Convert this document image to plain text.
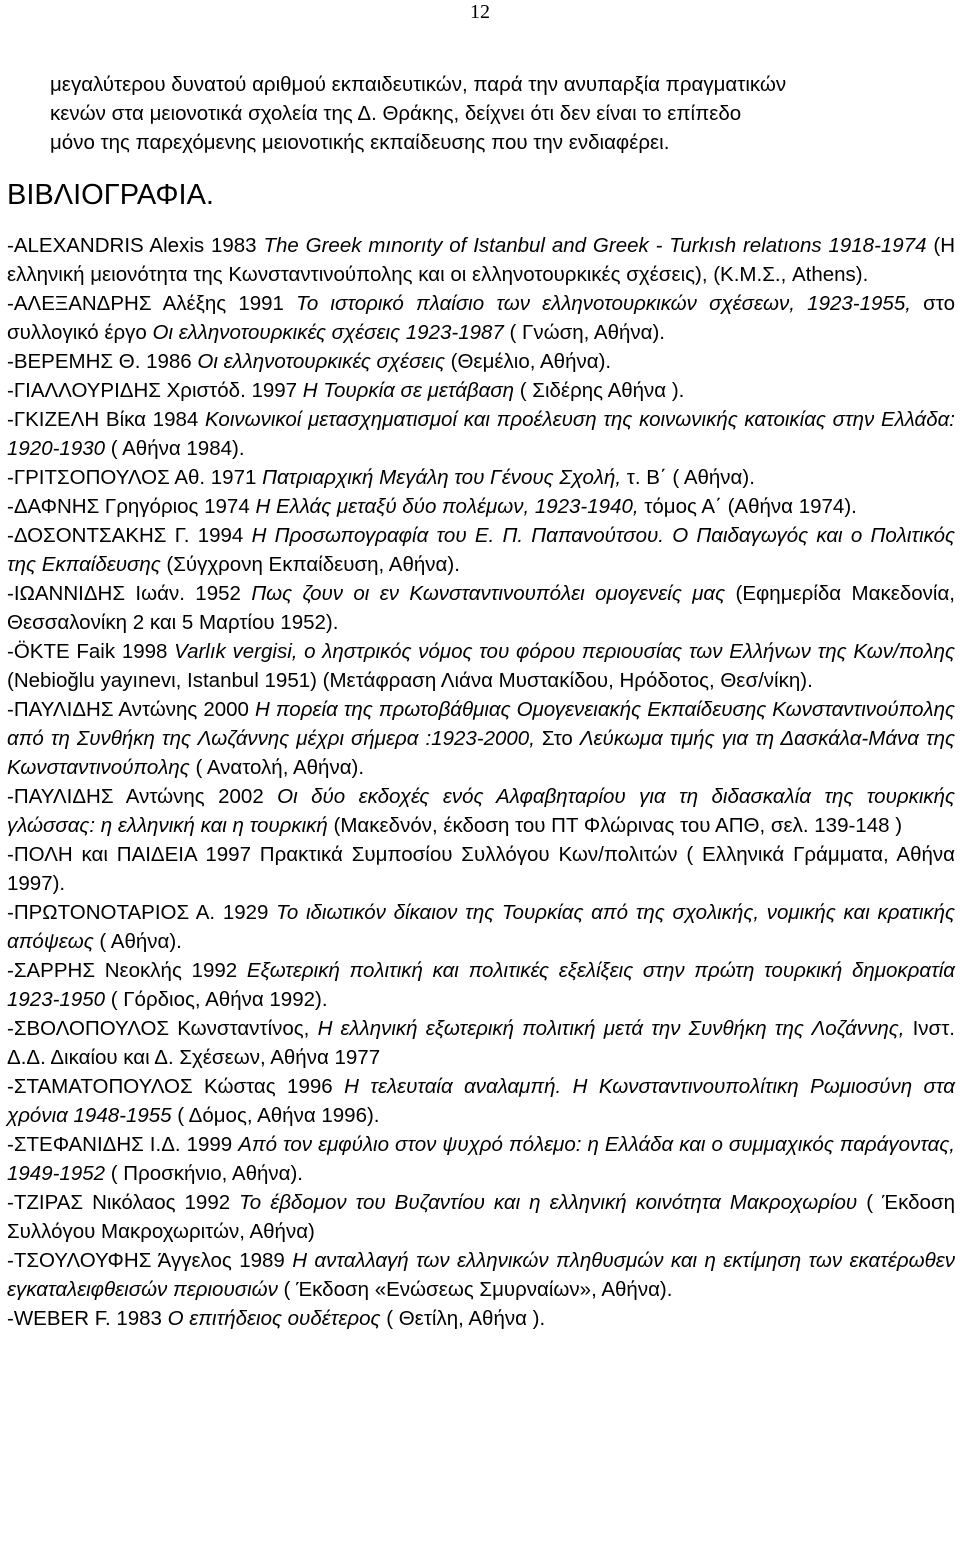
12

μεγαλύτερου δυνατού αριθμού εκπαιδευτικών, παρά την ανυπαρξία πραγματικών

κενών στα μειονοτικά σχολεία της Δ. Θράκης, δείχνει ότι δεν είναι το επίπεδο

μόνο της παρεχόμενης μειονοτικής εκπαίδευσης που την ενδιαφέρει.

ΒΙΒΛΙΟΓΡΑΦΙΑ.

-ALEXANDRIS Alexis 1983 The Greek mınorıty of Istanbul and Greek - Turkısh relatıons 1918-1974 (Η ελληνική μειονότητα της Κωνσταντινούπολης και οι ελληνοτουρκικές σχέσεις), (Κ.Μ.Σ., Athens).

-ΑΛΕΞΑΝΔΡΗΣ Αλέξης 1991 Το ιστορικό πλαίσιο των ελληνοτουρκικών σχέσεων, 1923-1955, στο συλλογικό έργο Οι ελληνοτουρκικές σχέσεις 1923-1987 ( Γνώση, Αθήνα).

-ΒΕΡΕΜΗΣ Θ. 1986 Οι ελληνοτουρκικές σχέσεις (Θεμέλιο, Αθήνα).

-ΓΙΑΛΛΟΥΡΙΔΗΣ Χριστόδ. 1997 Η Τουρκία σε μετάβαση ( Σιδέρης Αθήνα ).

-ΓΚΙΖΕΛΗ Βίκα 1984 Κοινωνικοί μετασχηματισμοί και προέλευση της κοινωνικής κατοικίας στην Ελλάδα: 1920-1930 ( Αθήνα 1984).

-ΓΡΙΤΣΟΠΟΥΛΟΣ Αθ. 1971 Πατριαρχική Μεγάλη του Γένους Σχολή, τ. Β΄ ( Αθήνα).

-ΔΑΦΝΗΣ Γρηγόριος 1974 Η Ελλάς μεταξύ δύο πολέμων, 1923-1940, τόμος Α΄ (Αθήνα 1974).

-ΔΟΣΟΝΤΣΑΚΗΣ Γ. 1994 Η Προσωπογραφία του Ε. Π. Παπανούτσου. Ο Παιδαγωγός και ο Πολιτικός της Εκπαίδευσης (Σύγχρονη Εκπαίδευση, Αθήνα).

-ΙΩΑΝΝΙΔΗΣ Ιωάν. 1952 Πως ζουν οι εν Κωνσταντινουπόλει ομογενείς μας (Εφημερίδα Μακεδονία, Θεσσαλονίκη 2 και 5 Μαρτίου 1952).

-ÖKTE Faik 1998 Varlık vergisi, ο ληστρικός νόμος του φόρου περιουσίας των Ελλήνων της Κων/πολης (Nebioğlu yayınevι, Istanbul 1951) (Μετάφραση Λιάνα Μυστακίδου, Ηρόδοτος, Θεσ/νίκη).

-ΠΑΥΛΙΔΗΣ Αντώνης 2000 Η πορεία της πρωτοβάθμιας Ομογενειακής Εκπαίδευσης Κωνσταντινούπολης από τη Συνθήκη της Λωζάννης μέχρι σήμερα :1923-2000, Στο Λεύκωμα τιμής για τη Δασκάλα-Μάνα της Κωνσταντινούπολης ( Ανατολή, Αθήνα).

-ΠΑΥΛΙΔΗΣ Αντώνης 2002 Οι δύο εκδοχές ενός Αλφαβηταρίου για τη διδασκαλία της τουρκικής γλώσσας: η ελληνική και η τουρκική (Μακεδνόν, έκδοση του ΠΤ Φλώρινας του ΑΠΘ, σελ. 139-148 )

-ΠΟΛΗ και ΠΑΙΔΕΙΑ 1997 Πρακτικά Συμποσίου Συλλόγου Κων/πολιτών ( Ελληνικά Γράμματα, Αθήνα 1997).

-ΠΡΩΤΟΝΟΤΑΡΙΟΣ Α. 1929 Το ιδιωτικόν δίκαιον της Τουρκίας από της σχολικής, νομικής και κρατικής απόψεως ( Αθήνα).

-ΣΑΡΡΗΣ Νεοκλής 1992 Εξωτερική πολιτική και πολιτικές εξελίξεις στην πρώτη τουρκική δημοκρατία 1923-1950 ( Γόρδιος, Αθήνα 1992).

-ΣΒΟΛΟΠΟΥΛΟΣ Κωνσταντίνος, Η ελληνική εξωτερική πολιτική μετά την Συνθήκη της Λοζάννης, Ινστ. Δ.Δ. Δικαίου και Δ. Σχέσεων, Αθήνα 1977

-ΣΤΑΜΑΤΟΠΟΥΛΟΣ Κώστας 1996 Η τελευταία αναλαμπή. Η Κωνσταντινουπολίτικη Ρωμιοσύνη στα χρόνια 1948-1955 ( Δόμος, Αθήνα 1996).

-ΣΤΕΦΑΝΙΔΗΣ Ι.Δ. 1999 Από τον εμφύλιο στον ψυχρό πόλεμο: η Ελλάδα και ο συμμαχικός παράγοντας, 1949-1952 ( Προσκήνιο, Αθήνα).

-ΤΖΙΡΑΣ Νικόλαος 1992 Το έβδομον του Βυζαντίου και η ελληνική κοινότητα Μακροχωρίου ( Έκδοση Συλλόγου Μακροχωριτών, Αθήνα)

-ΤΣΟΥΛΟΥΦΗΣ Άγγελος 1989 Η ανταλλαγή των ελληνικών πληθυσμών και η εκτίμηση των εκατέρωθεν εγκαταλειφθεισών περιουσιών ( Έκδοση «Ενώσεως Σμυρναίων», Αθήνα).

-WEBER F. 1983 Ο επιτήδειος ουδέτερος ( Θετίλη, Αθήνα ).
